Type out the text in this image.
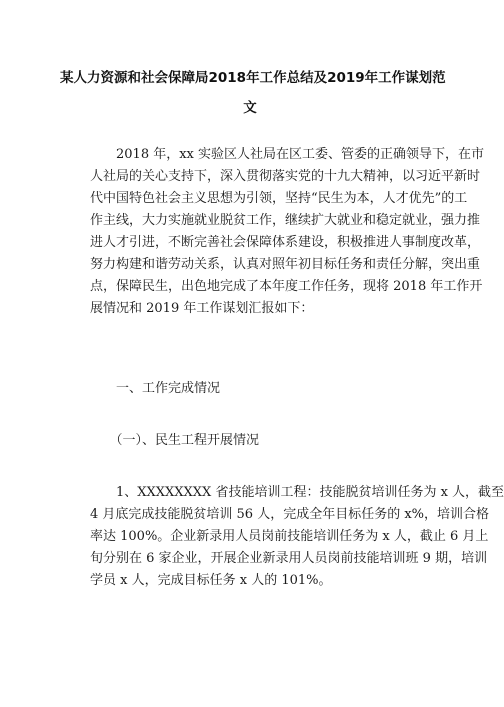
某人力资源和社会保障局2018年工作总结及2019年工作谋划范
文
　　2018 年，xx 实验区人社局在区工委、管委的正确领导下，在市
人社局的关心支持下，深入贯彻落实党的十九大精神，以习近平新时
代中国特色社会主义思想为引领，坚持“民生为本，人才优先”的工
作主线，大力实施就业脱贫工作，继续扩大就业和稳定就业，强力推
进人才引进，不断完善社会保障体系建设，积极推进人事制度改革，
努力构建和谐劳动关系，认真对照年初目标任务和责任分解，突出重
点，保障民生，出色地完成了本年度工作任务，现将 2018 年工作开
展情况和 2019 年工作谋划汇报如下：
　　一、工作完成情况
　　（一）、民生工程开展情况
　　1、XXXXXXXX 省技能培训工程：技能脱贫培训任务为 x 人，截至
4 月底完成技能脱贫培训 56 人，完成全年目标任务的 x%，培训合格
率达 100%。企业新录用人员岗前技能培训任务为 x 人，截止 6 月上
旬分别在 6 家企业，开展企业新录用人员岗前技能培训班 9 期，培训
学员 x 人，完成目标任务 x 人的 101%。
